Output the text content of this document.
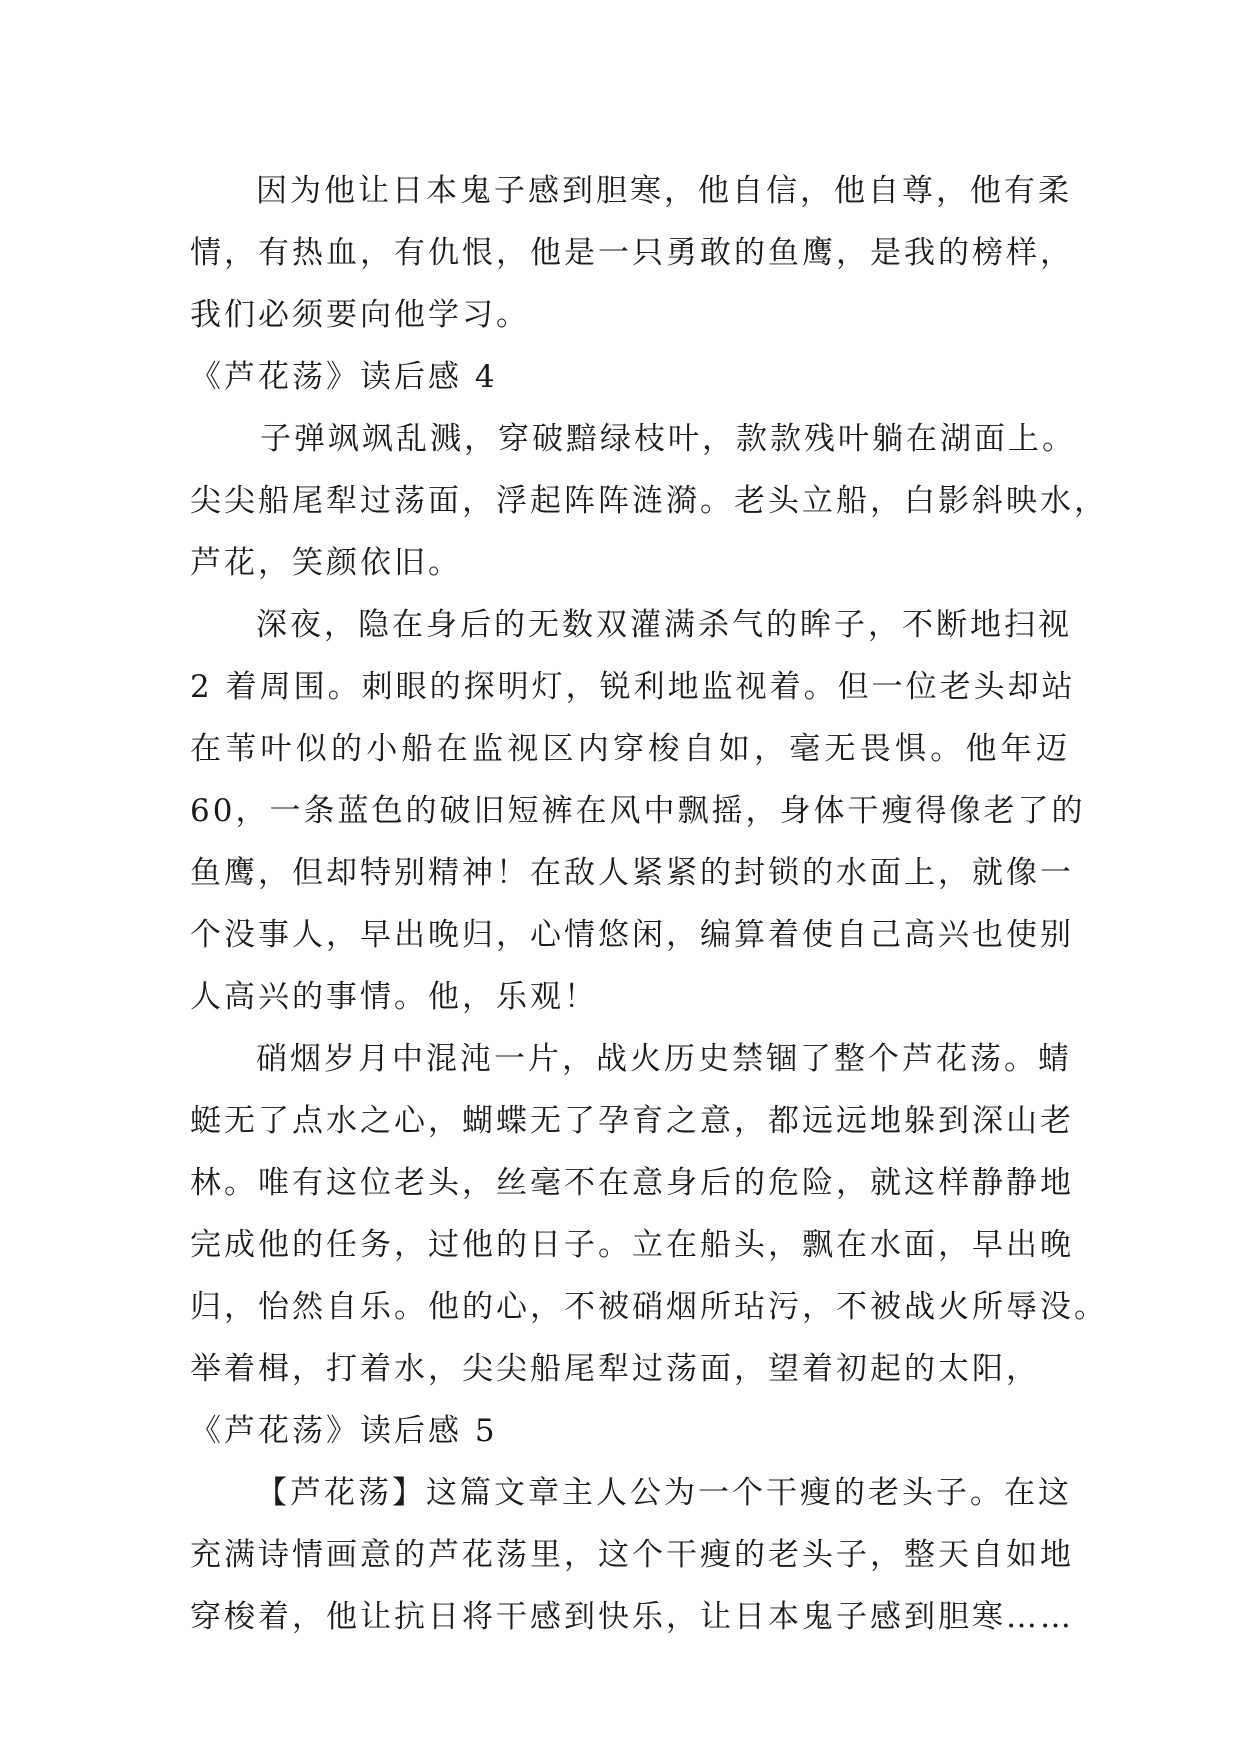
因为他让日本鬼子感到胆寒，他自信，他自尊，他有柔
情，有热血，有仇恨，他是一只勇敢的鱼鹰，是我的榜样，
我们必须要向他学习。
《芦花荡》读后感 4
子弹飒飒乱溅，穿破黯绿枝叶，款款残叶躺在湖面上。
尖尖船尾犁过荡面，浮起阵阵涟漪。老头立船，白影斜映水，
芦花，笑颜依旧。
深夜，隐在身后的无数双灌满杀气的眸子，不断地扫视
2 着周围。刺眼的探明灯，锐利地监视着。但一位老头却站
在苇叶似的小船在监视区内穿梭自如，毫无畏惧。他年迈
60，一条蓝色的破旧短裤在风中飘摇，身体干瘦得像老了的
鱼鹰，但却特别精神！在敌人紧紧的封锁的水面上，就像一
个没事人，早出晚归，心情悠闲，编算着使自己高兴也使别
人高兴的事情。他，乐观！
硝烟岁月中混沌一片，战火历史禁锢了整个芦花荡。蜻
蜓无了点水之心，蝴蝶无了孕育之意，都远远地躲到深山老
林。唯有这位老头，丝毫不在意身后的危险，就这样静静地
完成他的任务，过他的日子。立在船头，飘在水面，早出晚
归，怡然自乐。他的心，不被硝烟所玷污，不被战火所辱没。
举着楫，打着水，尖尖船尾犁过荡面，望着初起的太阳，
《芦花荡》读后感 5
【芦花荡】这篇文章主人公为一个干瘦的老头子。在这
充满诗情画意的芦花荡里，这个干瘦的老头子，整天自如地
穿梭着，他让抗日将干感到快乐，让日本鬼子感到胆寒……
